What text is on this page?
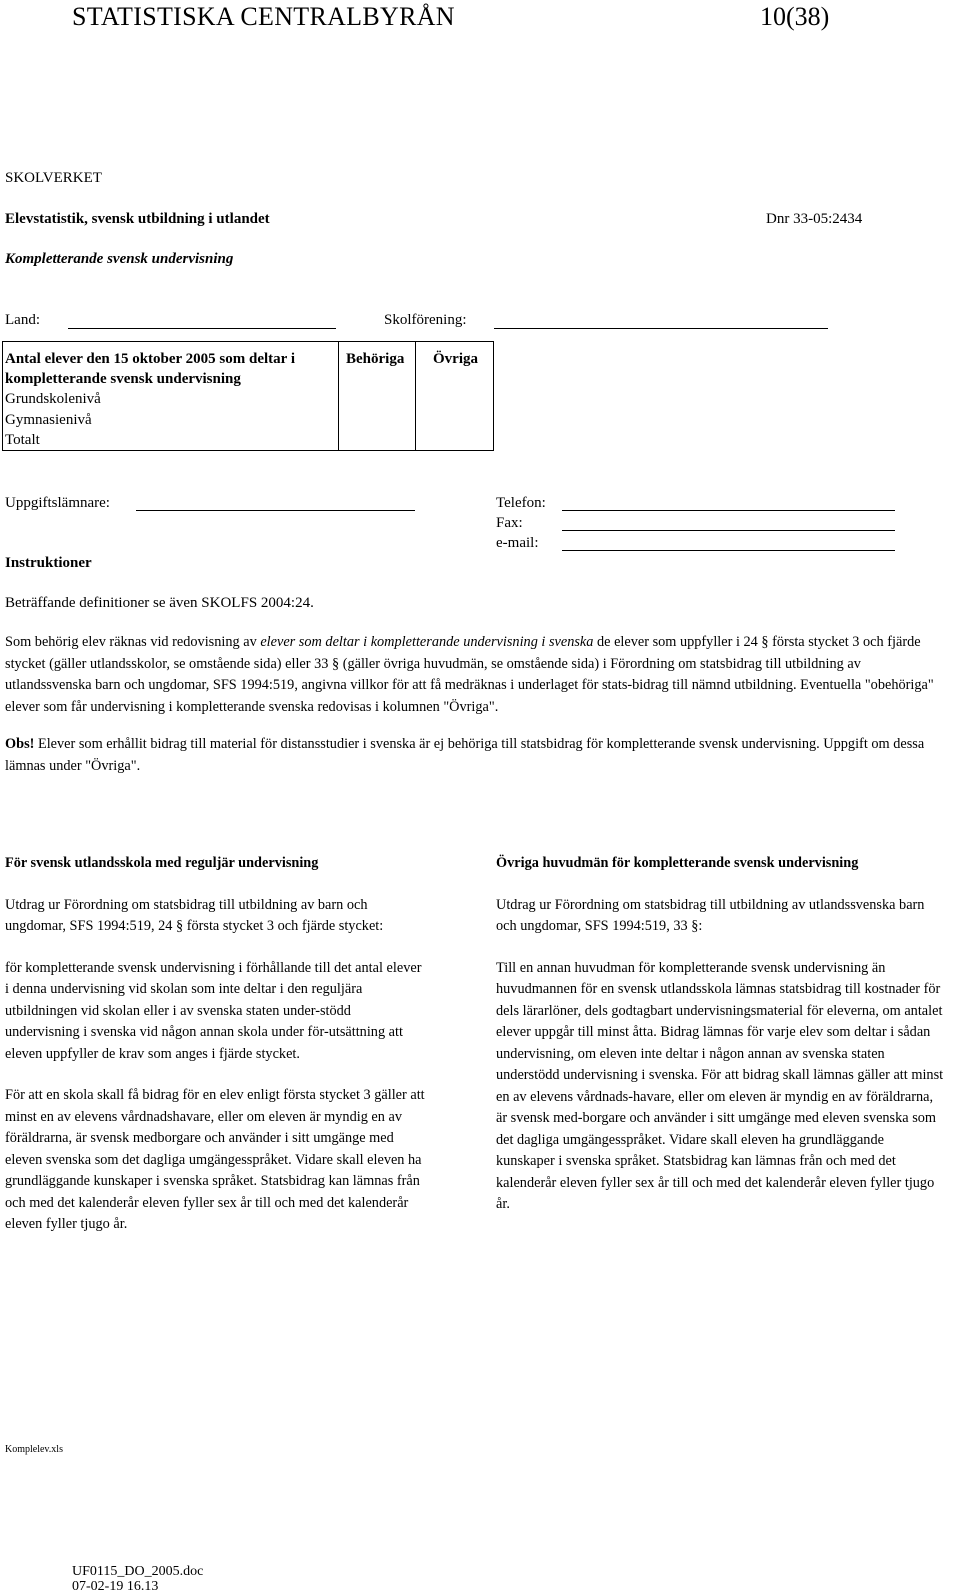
STATISTISKA CENTRALBYRÅN	10(38)
SKOLVERKET
Elevstatistik, svensk utbildning i utlandet	Dnr 33-05:2434
Kompletterande svensk undervisning
Land:	Skolförening:
Antal elever den 15 oktober 2005 som deltar i
kompletterande svensk undervisning
Behöriga Övriga
Grundskolenivå
Gymnasienivå
Totalt
Uppgiftslämnare:	Telefon:
Fax:
e-mail:
Instruktioner
Beträffande definitioner se även SKOLFS 2004:24.

Som behörig elev räknas vid redovisning av elever som deltar i kompletterande undervisning i svenska de elever som uppfyller i 24 § första stycket 3 och fjärde stycket (gäller utlandsskolor, se omstående sida) eller 33 § (gäller övriga huvudmän, se omstående sida) i Förordning om statsbidrag till utbildning av utlandssvenska barn och ungdomar, SFS 1994:519, angivna villkor för att få medräknas i underlaget för stats-bidrag till nämnd utbildning. Eventuella "obehöriga" elever som får undervisning i kompletterande svenska redovisas i kolumnen "Övriga".

Obs! Elever som erhållit bidrag till material för distansstudier i svenska är ej behöriga till statsbidrag för kompletterande svensk undervisning. Uppgift om dessa lämnas under "Övriga".

För svensk utlandsskola med reguljär undervisning

Utdrag ur Förordning om statsbidrag till utbildning av barn och ungdomar, SFS 1994:519, 24 § första stycket 3 och fjärde stycket:

för kompletterande svensk undervisning i förhållande till det antal elever i denna undervisning vid skolan som inte deltar i den reguljära utbildningen vid skolan eller i av svenska staten under-stödd undervisning i svenska vid någon annan skola under för-utsättning att eleven uppfyller de krav som anges i fjärde stycket.

För att en skola skall få bidrag för en elev enligt första stycket 3 gäller att minst en av elevens vårdnadshavare, eller om eleven är myndig en av föräldrarna, är svensk medborgare och använder i sitt umgänge med eleven svenska som det dagliga umgängesspråket. Vidare skall eleven ha grundläggande kunskaper i svenska språket. Statsbidrag kan lämnas från och med det kalenderår eleven fyller sex år till och med det kalenderår eleven fyller tjugo år.

Övriga huvudmän för kompletterande svensk undervisning

Utdrag ur Förordning om statsbidrag till utbildning av utlandssvenska barn och ungdomar, SFS 1994:519, 33 §:

Till en annan huvudman för kompletterande svensk undervisning än huvudmannen för en svensk utlandsskola lämnas statsbidrag till kostnader för dels lärarlöner, dels godtagbart undervisningsmaterial för eleverna, om antalet elever uppgår till minst åtta. Bidrag lämnas för varje elev som deltar i sådan undervisning, om eleven inte deltar i någon annan av svenska staten understödd undervisning i svenska. För att bidrag skall lämnas gäller att minst en av elevens vårdnads-havare, eller om eleven är myndig en av föräldrarna, är svensk med-borgare och använder i sitt umgänge med eleven svenska som det dagliga umgängesspråket. Vidare skall eleven ha grundläggande kunskaper i svenska språket. Statsbidrag kan lämnas från och med det kalenderår eleven fyller sex år till och med det kalenderår eleven fyller tjugo år.

Komplelev.xls
UF0115_DO_2005.doc
07-02-19 16.13
